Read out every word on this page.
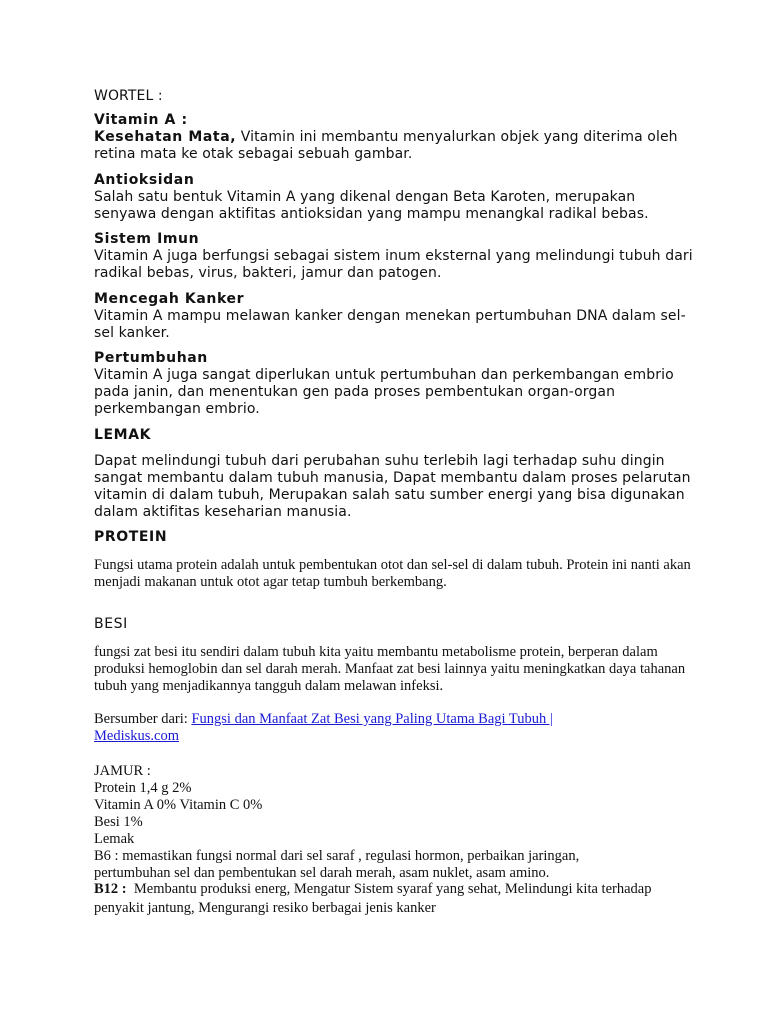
WORTEL :

Vitamin A :

Kesehatan Mata, Vitamin ini membantu menyalurkan objek yang diterima oleh retina mata ke otak sebagai sebuah gambar.

Antioksidan

Salah satu bentuk Vitamin A yang dikenal dengan Beta Karoten, merupakan senyawa dengan aktifitas antioksidan yang mampu menangkal radikal bebas.

Sistem Imun

Vitamin A juga berfungsi sebagai sistem inum eksternal yang melindungi tubuh dari radikal bebas, virus, bakteri, jamur dan patogen.

Mencegah Kanker

Vitamin A mampu melawan kanker dengan menekan pertumbuhan DNA dalam sel-sel kanker.

Pertumbuhan

Vitamin A juga sangat diperlukan untuk pertumbuhan dan perkembangan embrio pada janin, dan menentukan gen pada proses pembentukan organ-organ perkembangan embrio.

LEMAK

Dapat melindungi tubuh dari perubahan suhu terlebih lagi terhadap suhu dingin sangat membantu dalam tubuh manusia, Dapat membantu dalam proses pelarutan vitamin di dalam tubuh, Merupakan salah satu sumber energi yang bisa digunakan dalam aktifitas keseharian manusia.

PROTEIN

Fungsi utama protein adalah untuk pembentukan otot dan sel-sel di dalam tubuh. Protein ini nanti akan menjadi makanan untuk otot agar tetap tumbuh berkembang.

BESI

fungsi zat besi itu sendiri dalam tubuh kita yaitu membantu metabolisme protein, berperan dalam produksi hemoglobin dan sel darah merah. Manfaat zat besi lainnya yaitu meningkatkan daya tahanan tubuh yang menjadikannya tangguh dalam melawan infeksi.

Bersumber dari: Fungsi dan Manfaat Zat Besi yang Paling Utama Bagi Tubuh | Mediskus.com

JAMUR :

Protein 1,4 g 2%

Vitamin A 0% Vitamin C 0%

Besi 1%

Lemak

B6 : memastikan fungsi normal dari sel saraf , regulasi hormon, perbaikan jaringan, pertumbuhan sel dan pembentukan sel darah merah, asam nuklet, asam amino.

B12 : Membantu produksi energ, Mengatur Sistem syaraf yang sehat, Melindungi kita terhadap penyakit jantung, Mengurangi resiko berbagai jenis kanker
